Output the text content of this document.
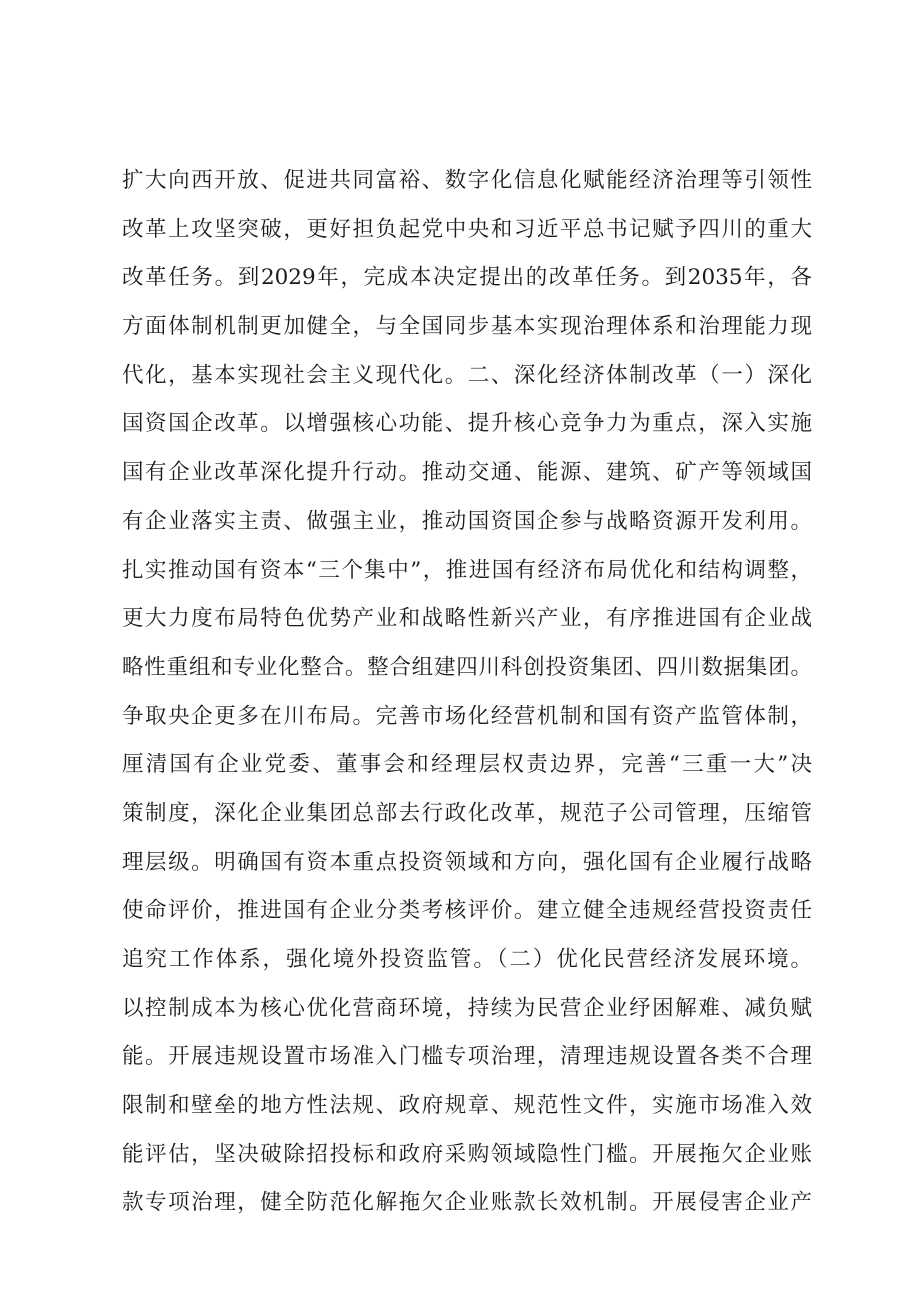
扩大向西开放、促进共同富裕、数字化信息化赋能经济治理等引领性
改革上攻坚突破，更好担负起党中央和习近平总书记赋予四川的重大
改革任务。到2029年，完成本决定提出的改革任务。到2035年，各
方面体制机制更加健全，与全国同步基本实现治理体系和治理能力现
代化，基本实现社会主义现代化。二、深化经济体制改革（一）深化
国资国企改革。以增强核心功能、提升核心竞争力为重点，深入实施
国有企业改革深化提升行动。推动交通、能源、建筑、矿产等领域国
有企业落实主责、做强主业，推动国资国企参与战略资源开发利用。
扎实推动国有资本“三个集中”，推进国有经济布局优化和结构调整，
更大力度布局特色优势产业和战略性新兴产业，有序推进国有企业战
略性重组和专业化整合。整合组建四川科创投资集团、四川数据集团。
争取央企更多在川布局。完善市场化经营机制和国有资产监管体制，
厘清国有企业党委、董事会和经理层权责边界，完善“三重一大”决
策制度，深化企业集团总部去行政化改革，规范子公司管理，压缩管
理层级。明确国有资本重点投资领域和方向，强化国有企业履行战略
使命评价，推进国有企业分类考核评价。建立健全违规经营投资责任
追究工作体系，强化境外投资监管。（二）优化民营经济发展环境。
以控制成本为核心优化营商环境，持续为民营企业纾困解难、减负赋
能。开展违规设置市场准入门槛专项治理，清理违规设置各类不合理
限制和壁垒的地方性法规、政府规章、规范性文件，实施市场准入效
能评估，坚决破除招投标和政府采购领域隐性门槛。开展拖欠企业账
款专项治理，健全防范化解拖欠企业账款长效机制。开展侵害企业产
